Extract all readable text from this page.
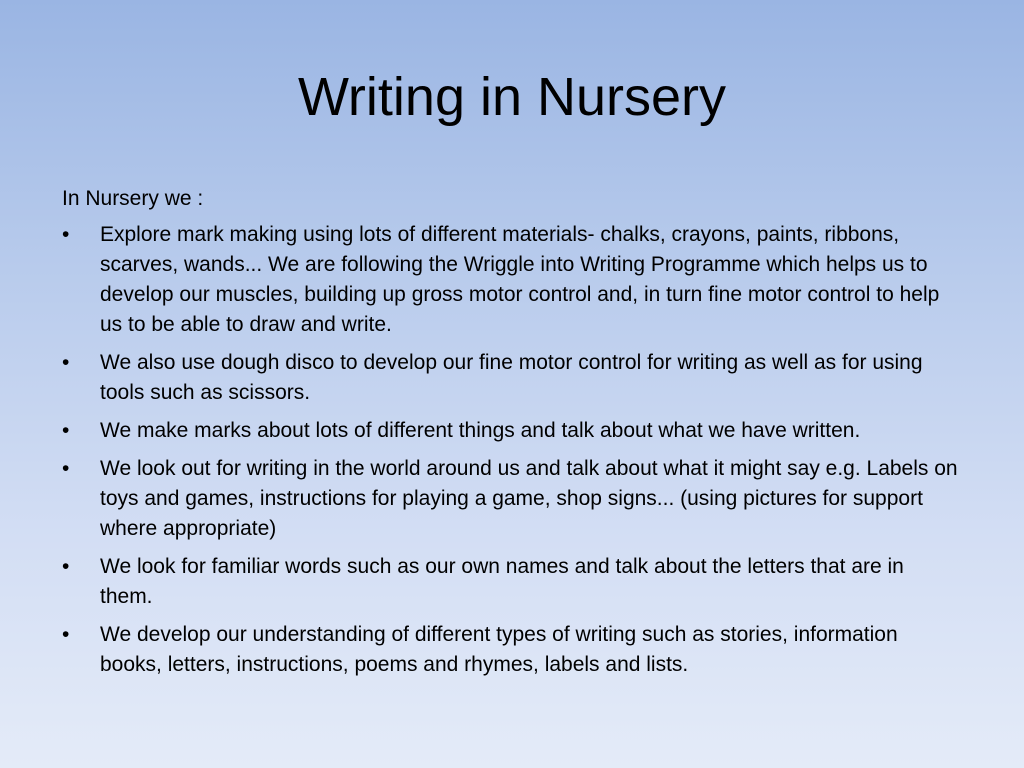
Writing in Nursery

In Nursery we :

•	Explore mark making using lots of different materials- chalks, crayons, paints, ribbons, scarves, wands... We are following the Wriggle into Writing Programme which helps us to develop our muscles, building up gross motor control and, in turn fine motor control to help us to be able to draw and write.
•	We also use dough disco to develop our fine motor control for writing as well as for using tools such as scissors.
•	We make marks about lots of different things and talk about what we have written.
•	We look out for writing in the world around us and talk about what it might say e.g. Labels on toys and games, instructions for playing a game, shop signs... (using pictures for support where appropriate)
•	We look for familiar words such as our own names and talk about the letters that are in them.
•	We develop our understanding of different types of writing such as stories, information books, letters, instructions, poems and rhymes, labels and lists.
